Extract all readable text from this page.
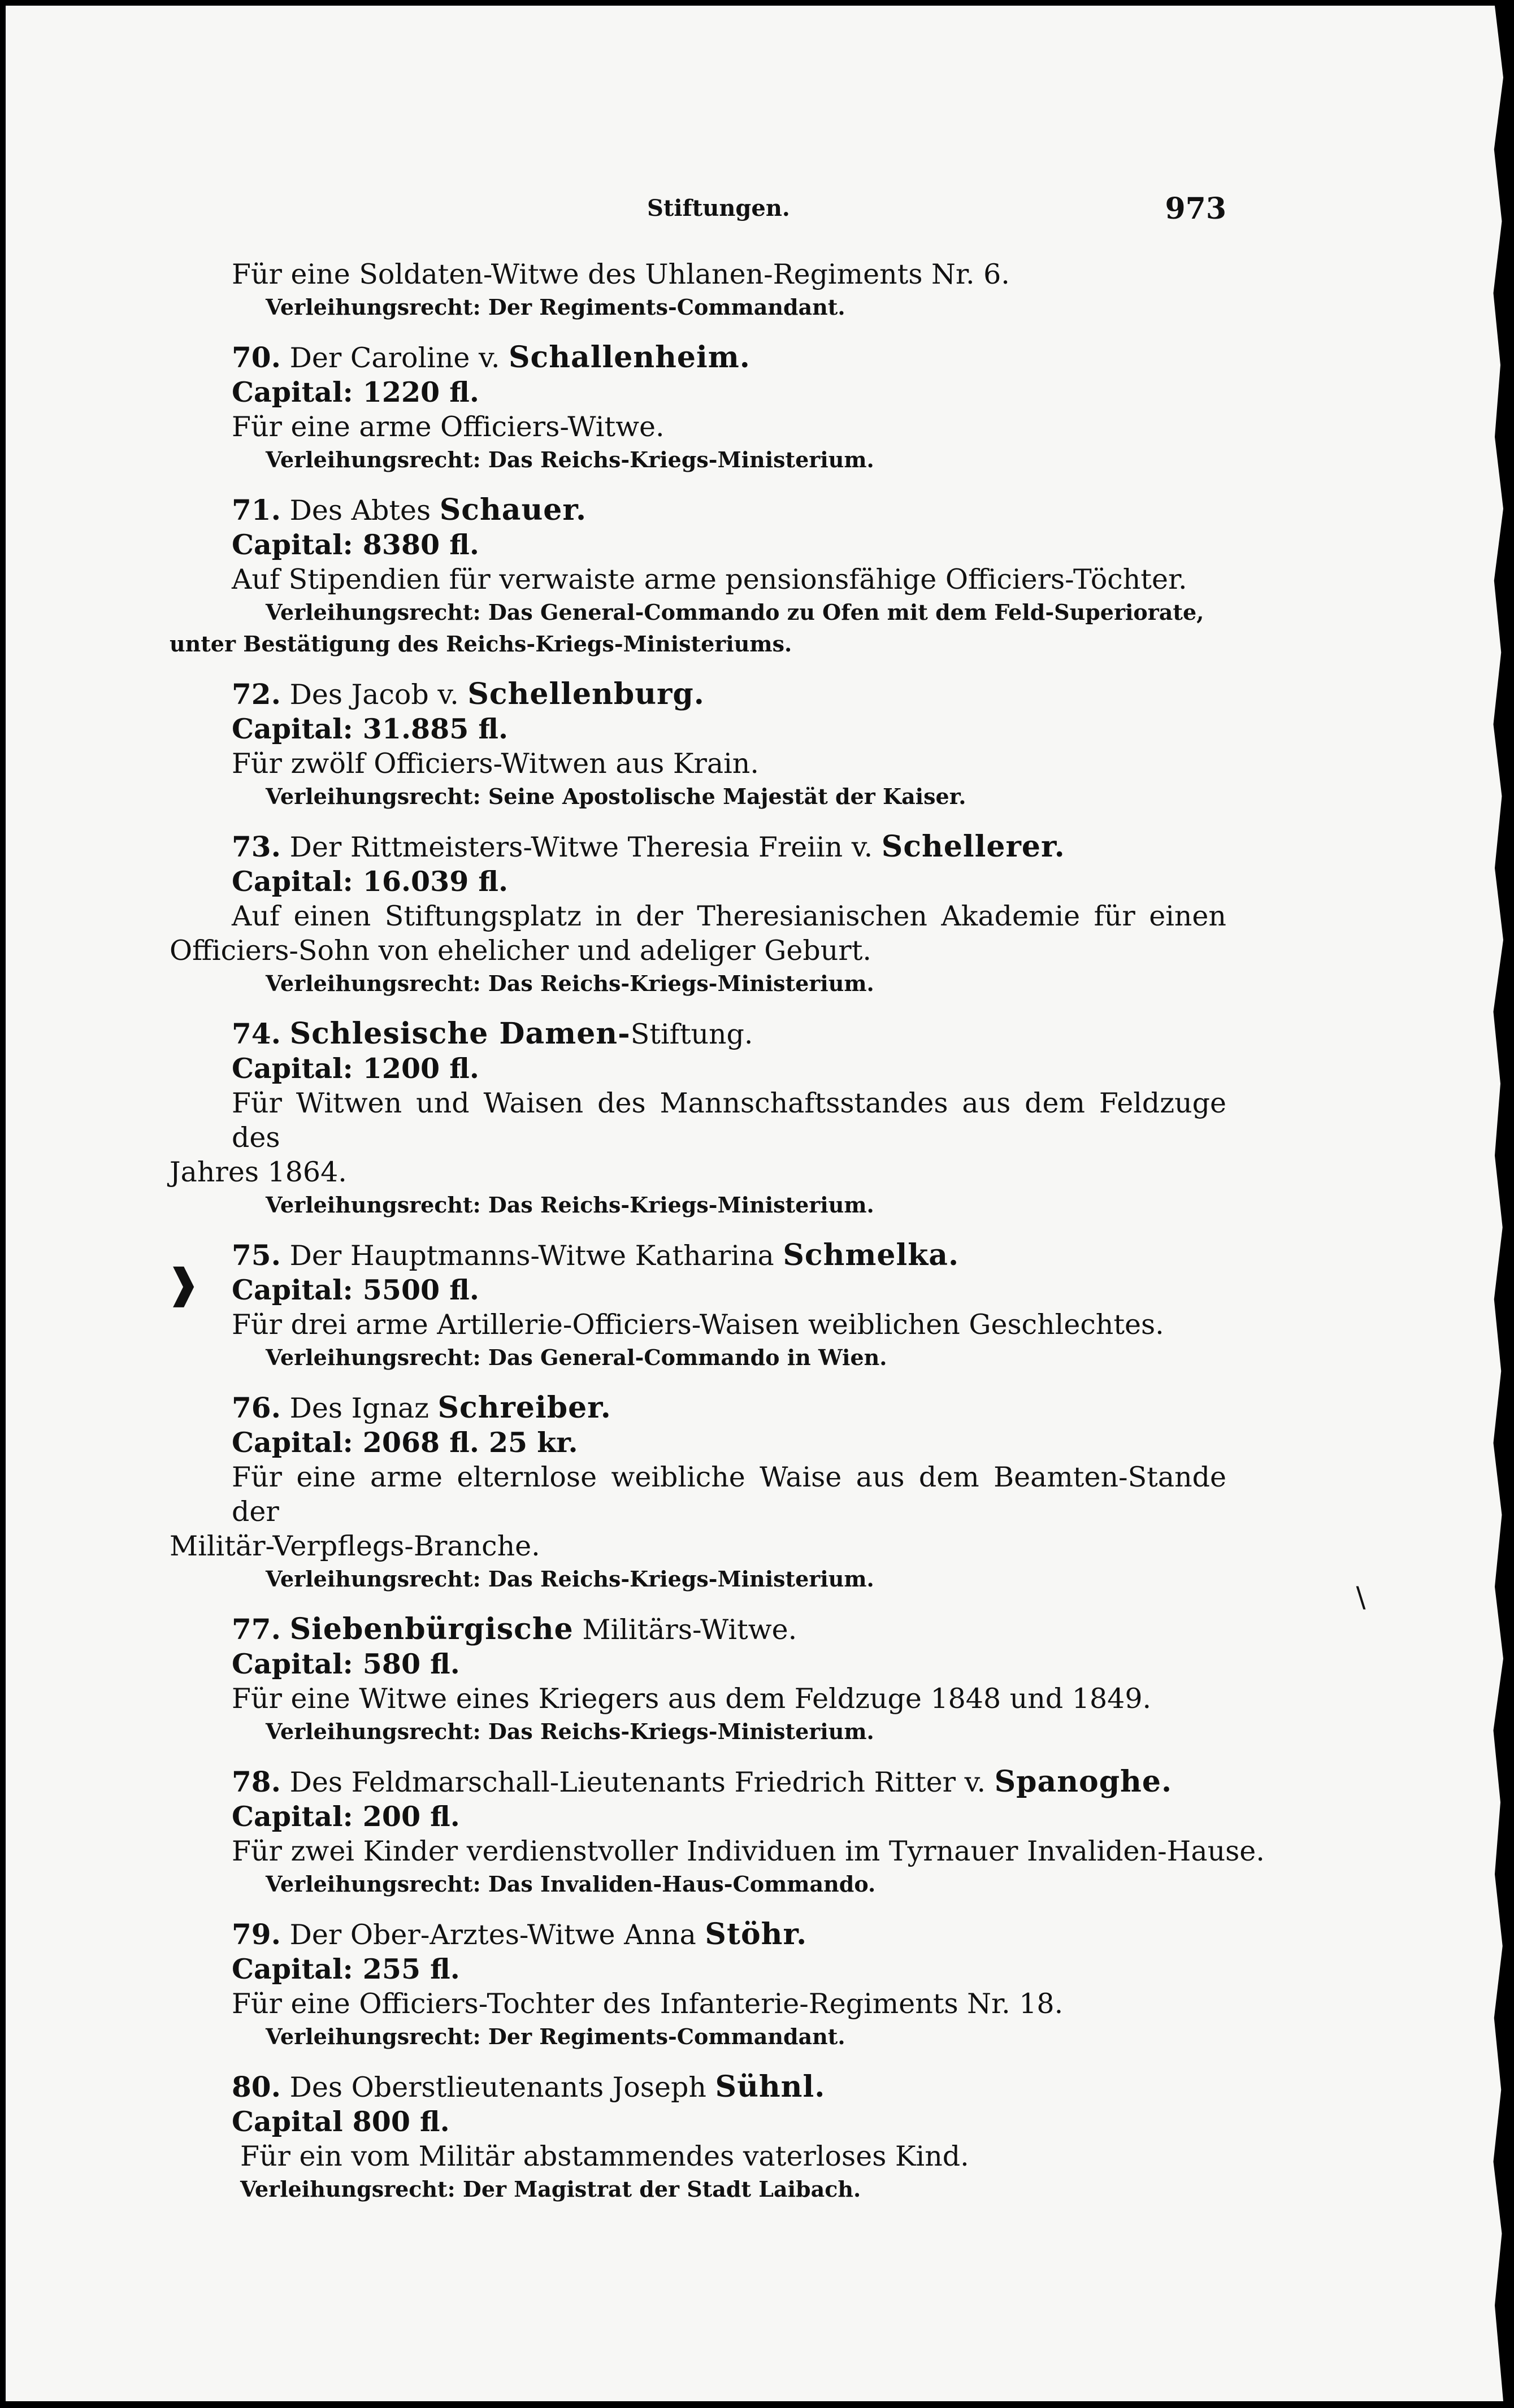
Stiftungen.	973
Für eine Soldaten-Witwe des Uhlanen-Regiments Nr. 6.
Verleihungsrecht: Der Regiments-Commandant.
70. Der Caroline v. Schallenheim.
Capital: 1220 fl.
Für eine arme Officiers-Witwe.
Verleihungsrecht: Das Reichs-Kriegs-Ministerium.
71. Des Abtes Schauer.
Capital: 8380 fl.
Auf Stipendien für verwaiste arme pensionsfähige Officiers-Töchter.
Verleihungsrecht: Das General-Commando zu Ofen mit dem Feld-Superiorate,
unter Bestätigung des Reichs-Kriegs-Ministeriums.
72. Des Jacob v. Schellenburg.
Capital: 31.885 fl.
Für zwölf Officiers-Witwen aus Krain.
Verleihungsrecht: Seine Apostolische Majestät der Kaiser.
73. Der Rittmeisters-Witwe Theresia Freiin v. Schellerer.
Capital: 16.039 fl.
Auf einen Stiftungsplatz in der Theresianischen Akademie für einen
Officiers-Sohn von ehelicher und adeliger Geburt.
Verleihungsrecht: Das Reichs-Kriegs-Ministerium.
74. Schlesische Damen-Stiftung.
Capital: 1200 fl.
Für Witwen und Waisen des Mannschaftsstandes aus dem Feldzuge des
Jahres 1864.
Verleihungsrecht: Das Reichs-Kriegs-Ministerium.
75. Der Hauptmanns-Witwe Katharina Schmelka.
Capital: 5500 fl.
Für drei arme Artillerie-Officiers-Waisen weiblichen Geschlechtes.
Verleihungsrecht: Das General-Commando in Wien.
76. Des Ignaz Schreiber.
Capital: 2068 fl. 25 kr.
Für eine arme elternlose weibliche Waise aus dem Beamten-Stande der
Militär-Verpflegs-Branche.
Verleihungsrecht: Das Reichs-Kriegs-Ministerium.
77. Siebenbürgische Militärs-Witwe.
Capital: 580 fl.
Für eine Witwe eines Kriegers aus dem Feldzuge 1848 und 1849.
Verleihungsrecht: Das Reichs-Kriegs-Ministerium.
78. Des Feldmarschall-Lieutenants Friedrich Ritter v. Spanoghe.
Capital: 200 fl.
Für zwei Kinder verdienstvoller Individuen im Tyrnauer Invaliden-Hause.
Verleihungsrecht: Das Invaliden-Haus-Commando.
79. Der Ober-Arztes-Witwe Anna Stöhr.
Capital: 255 fl.
Für eine Officiers-Tochter des Infanterie-Regiments Nr. 18.
Verleihungsrecht: Der Regiments-Commandant.
80. Des Oberstlieutenants Joseph Sühnl.
Capital 800 fl.
Für ein vom Militär abstammendes vaterloses Kind.
Verleihungsrecht: Der Magistrat der Stadt Laibach.
❱
∖
